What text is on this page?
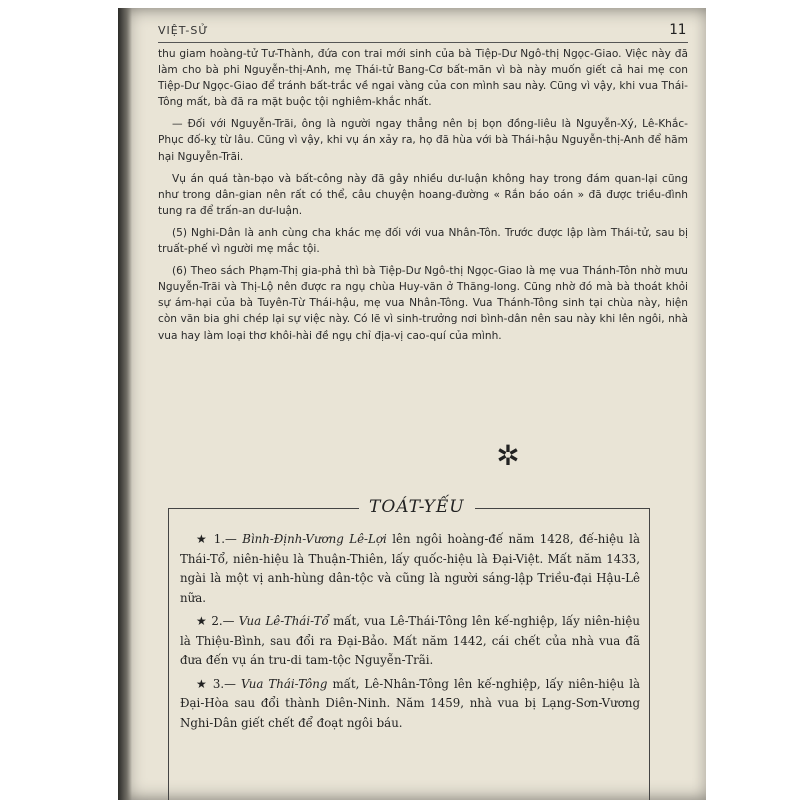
VIỆT-SỬ	11

thu giam hoàng-tử Tư-Thành, đứa con trai mới sinh của bà Tiệp-Dư Ngô-thị Ngọc-Giao. Việc này đã làm cho bà phi Nguyễn-thị-Anh, mẹ Thái-tử Bang-Cơ bất-mãn vì bà này muốn giết cả hai mẹ con Tiệp-Dư Ngọc-Giao để tránh bất-trắc về ngai vàng của con mình sau này. Cũng vì vậy, khi vua Thái-Tông mất, bà đã ra mặt buộc tội nghiêm-khắc nhất.

— Đối với Nguyễn-Trãi, ông là người ngay thẳng nên bị bọn đồng-liêu là Nguyễn-Xý, Lê-Khắc-Phục đố-kỵ từ lâu. Cũng vì vậy, khi vụ án xảy ra, họ đã hùa với bà Thái-hậu Nguyễn-thị-Anh để hãm hại Nguyễn-Trãi.

Vụ án quá tàn-bạo và bất-công này đã gây nhiều dư-luận không hay trong đám quan-lại cũng như trong dân-gian nên rất có thể, câu chuyện hoang-đường « Rắn báo oán » đã được triều-đình tung ra để trấn-an dư-luận.

(5) Nghi-Dân là anh cùng cha khác mẹ đối với vua Nhân-Tôn. Trước được lập làm Thái-tử, sau bị truất-phế vì người mẹ mắc tội.

(6) Theo sách Phạm-Thị gia-phả thì bà Tiệp-Dư Ngô-thị Ngọc-Giao là mẹ vua Thánh-Tôn nhờ mưu Nguyễn-Trãi và Thị-Lộ nên được ra ngụ chùa Huy-văn ở Thăng-long. Cũng nhờ đó mà bà thoát khỏi sự ám-hại của bà Tuyên-Từ Thái-hậu, mẹ vua Nhân-Tông. Vua Thánh-Tông sinh tại chùa này, hiện còn văn bia ghi chép lại sự việc này. Có lẽ vì sinh-trưởng nơi bình-dân nên sau này khi lên ngôi, nhà vua hay làm loại thơ khôi-hài đề ngụ chỉ địa-vị cao-quí của mình.

✲
TOÁT-YẾU

★ 1.— Bình-Định-Vương Lê-Lợi lên ngôi hoàng-đế năm 1428, đế-hiệu là Thái-Tổ, niên-hiệu là Thuận-Thiên, lấy quốc-hiệu là Đại-Việt. Mất năm 1433, ngài là một vị anh-hùng dân-tộc và cũng là người sáng-lập Triều-đại Hậu-Lê nữa.

★ 2.— Vua Lê-Thái-Tổ mất, vua Lê-Thái-Tông lên kế-nghiệp, lấy niên-hiệu là Thiệu-Bình, sau đổi ra Đại-Bảo. Mất năm 1442, cái chết của nhà vua đã đưa đến vụ án tru-di tam-tộc Nguyễn-Trãi.

★ 3.— Vua Thái-Tông mất, Lê-Nhân-Tông lên kế-nghiệp, lấy niên-hiệu là Đại-Hòa sau đổi thành Diên-Ninh. Năm 1459, nhà vua bị Lạng-Sơn-Vương Nghi-Dân giết chết để đoạt ngôi báu.
